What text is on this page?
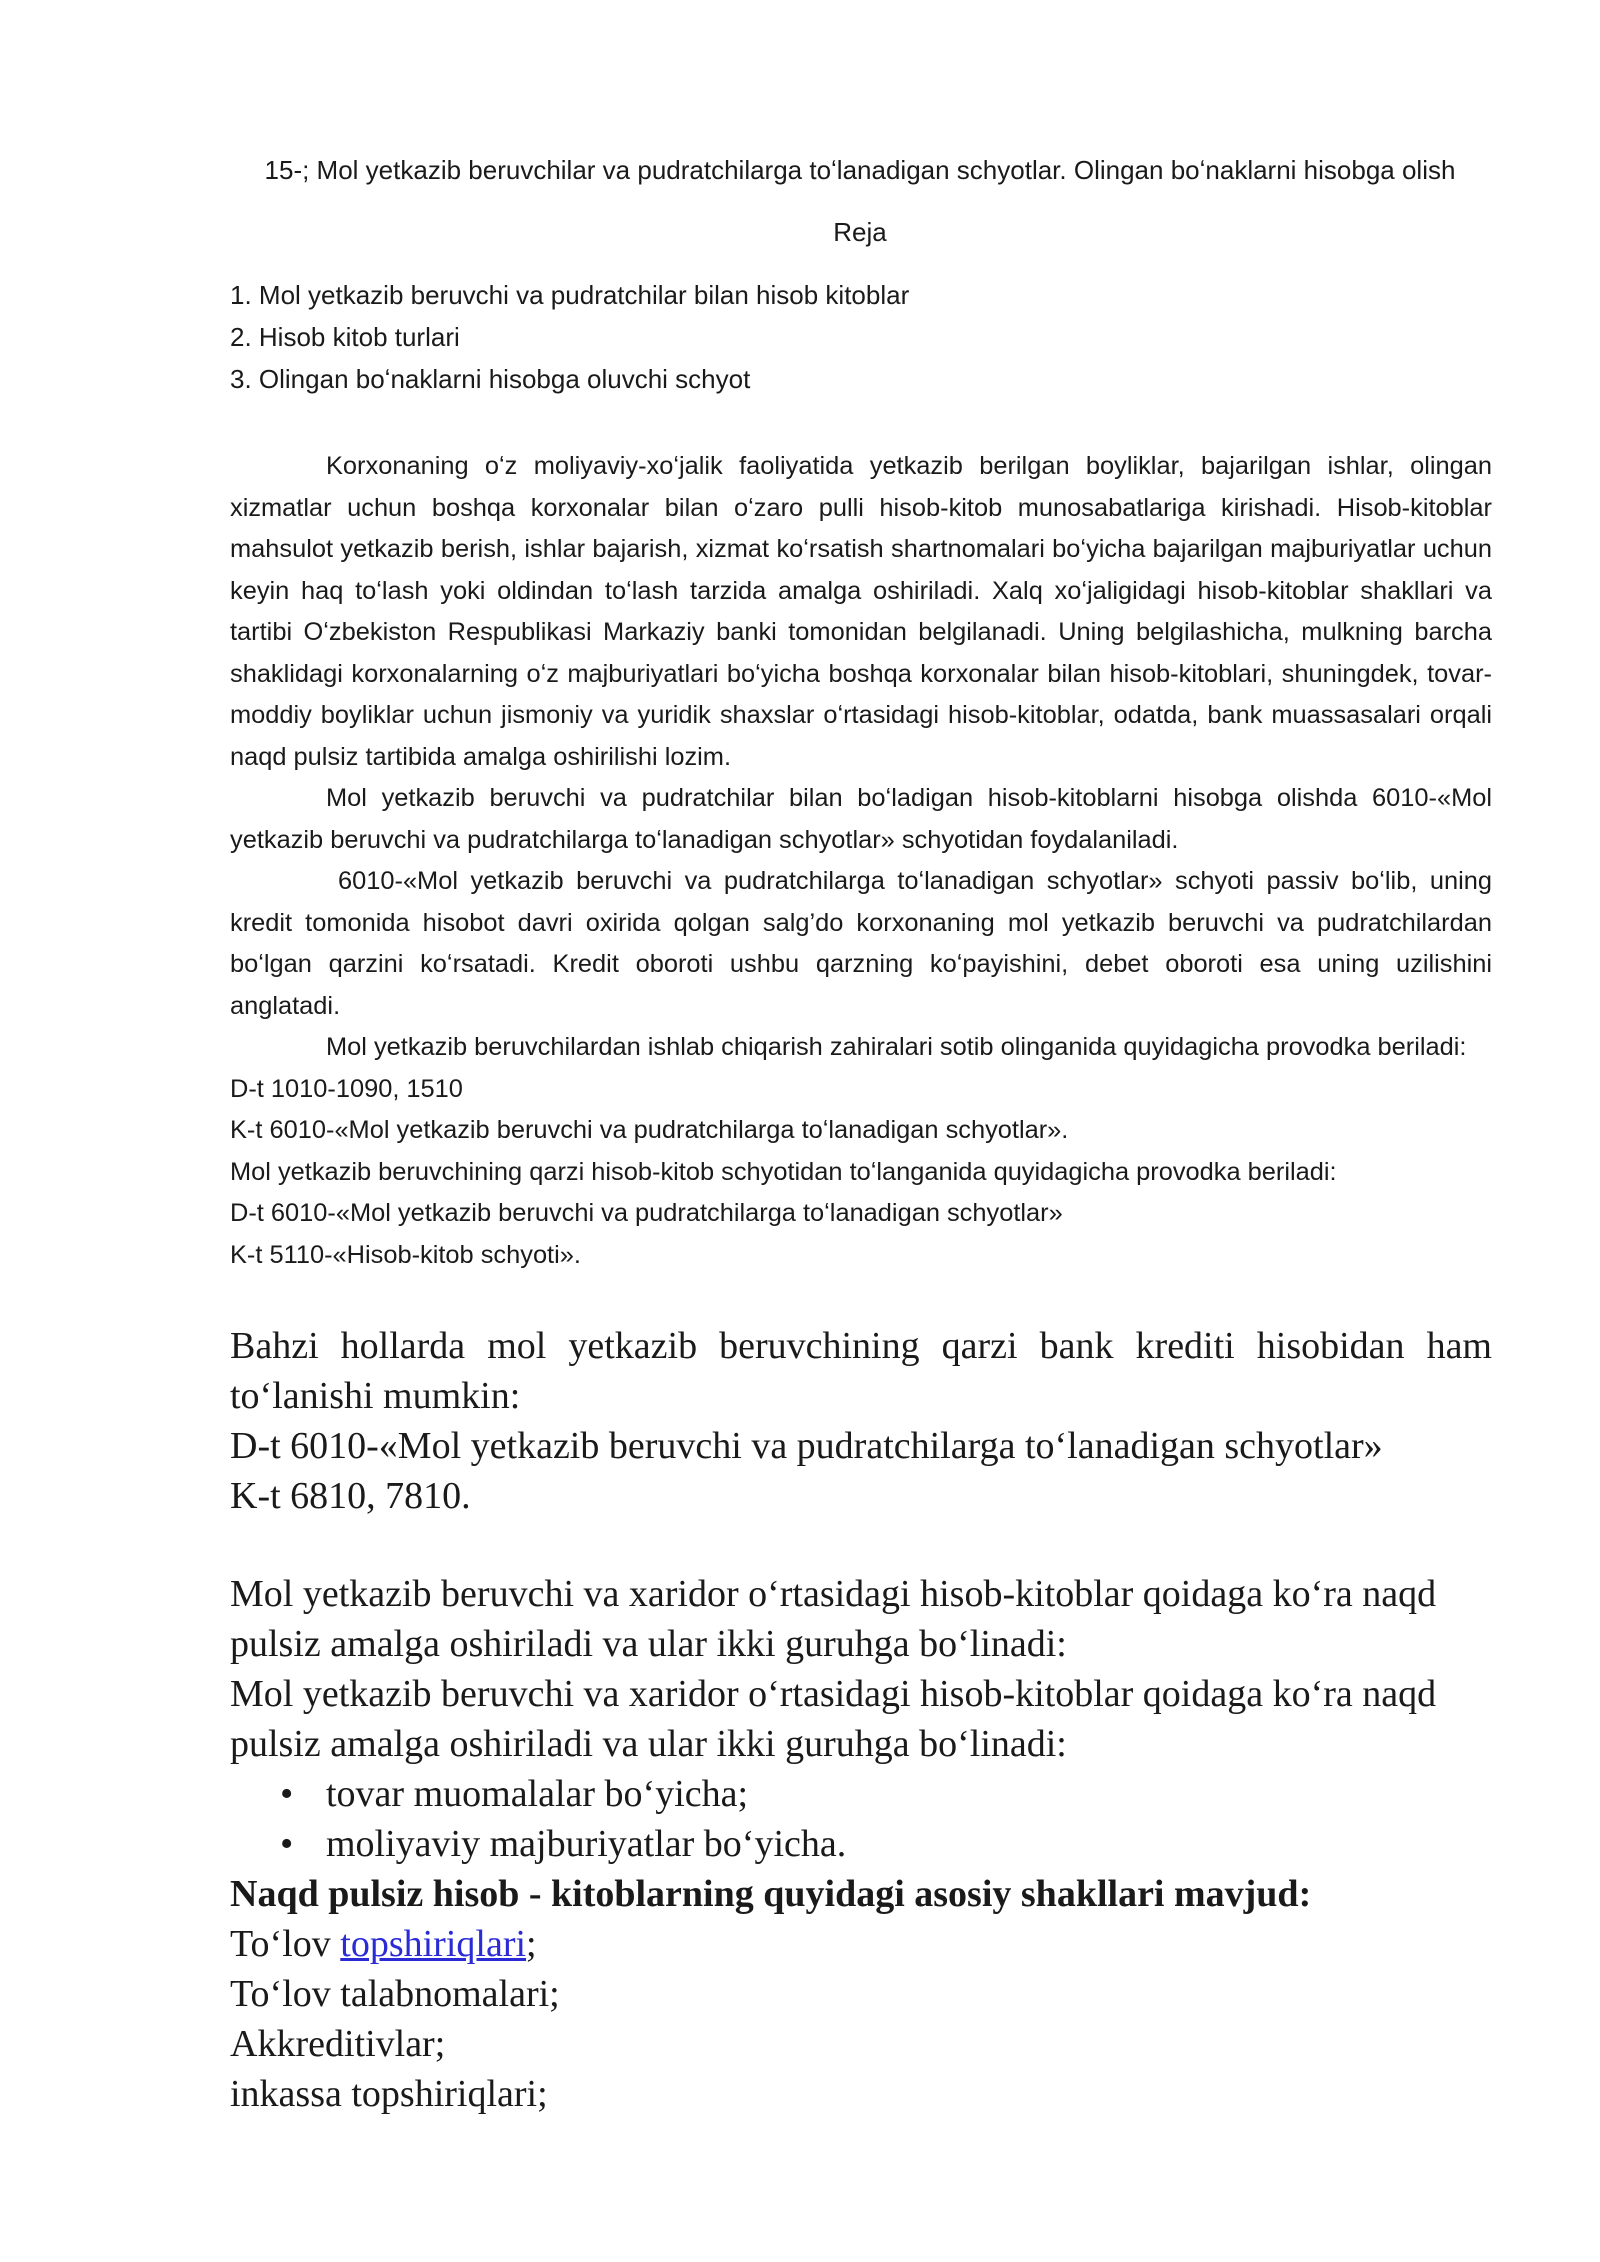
15-; Mol yetkazib beruvchilar va pudratchilarga toʻlanadigan schyotlar. Olingan boʻnaklarni hisobga olish
Reja
1. Mol yetkazib beruvchi va pudratchilar bilan hisob kitoblar
2. Hisob kitob turlari
3. Olingan boʻnaklarni hisobga oluvchi schyot

Korxonaning oʻz moliyaviy-xoʻjalik faoliyatida yetkazib berilgan boyliklar, bajarilgan ishlar, olingan xizmatlar uchun boshqa korxonalar bilan oʻzaro pulli hisob-kitob munosabatlariga kirishadi. Hisob-kitoblar mahsulot yetkazib berish, ishlar bajarish, xizmat koʻrsatish shartnomalari boʻyicha bajarilgan majburiyatlar uchun keyin haq toʻlash yoki oldindan toʻlash tarzida amalga oshiriladi. Xalq xoʻjaligidagi hisob-kitoblar shakllari va tartibi Oʻzbekiston Respublikasi Markaziy banki tomonidan belgilanadi. Uning belgilashicha, mulkning barcha shaklidagi korxonalarning oʻz majburiyatlari boʻyicha boshqa korxonalar bilan hisob-kitoblari, shuningdek, tovar-moddiy boyliklar uchun jismoniy va yuridik shaxslar oʻrtasidagi hisob-kitoblar, odatda, bank muassasalari orqali naqd pulsiz tartibida amalga oshirilishi lozim.

Mol yetkazib beruvchi va pudratchilar bilan boʻladigan hisob-kitoblarni hisobga olishda 6010-«Mol yetkazib beruvchi va pudratchilarga toʻlanadigan schyotlar» schyotidan foydalaniladi.

6010-«Mol yetkazib beruvchi va pudratchilarga toʻlanadigan schyotlar» schyoti passiv boʻlib, uning kredit tomonida hisobot davri oxirida qolgan salg’do korxonaning mol yetkazib beruvchi va pudratchilardan boʻlgan qarzini koʻrsatadi. Kredit oboroti ushbu qarzning koʻpayishini, debet oboroti esa uning uzilishini anglatadi.

Mol yetkazib beruvchilardan ishlab chiqarish zahiralari sotib olinganida quyidagicha provodka beriladi:

D-t 1010-1090, 1510
K-t 6010-«Mol yetkazib beruvchi va pudratchilarga toʻlanadigan schyotlar».
Mol yetkazib beruvchining qarzi hisob-kitob schyotidan toʻlanganida quyidagicha provodka beriladi:
D-t 6010-«Mol yetkazib beruvchi va pudratchilarga toʻlanadigan schyotlar»
K-t 5110-«Hisob-kitob schyoti».

Bahzi hollarda mol yetkazib beruvchining qarzi bank krediti hisobidan ham toʻlanishi mumkin:

D-t 6010-«Mol yetkazib beruvchi va pudratchilarga toʻlanadigan schyotlar»

K-t 6810, 7810.

Mol yetkazib beruvchi va xaridor oʻrtasidagi hisob-kitoblar qoidaga koʻra naqd pulsiz amalga oshiriladi va ular ikki guruhga boʻlinadi:

Mol yetkazib beruvchi va xaridor oʻrtasidagi hisob-kitoblar qoidaga koʻra naqd pulsiz amalga oshiriladi va ular ikki guruhga boʻlinadi:

• tovar muomalalar boʻyicha;
• moliyaviy majburiyatlar boʻyicha.

Naqd pulsiz hisob - kitoblarning quyidagi asosiy shakllari mavjud:

Toʻlov topshiriqlari;

Toʻlov talabnomalari;

Akkreditivlar;

inkassa topshiriqlari;
